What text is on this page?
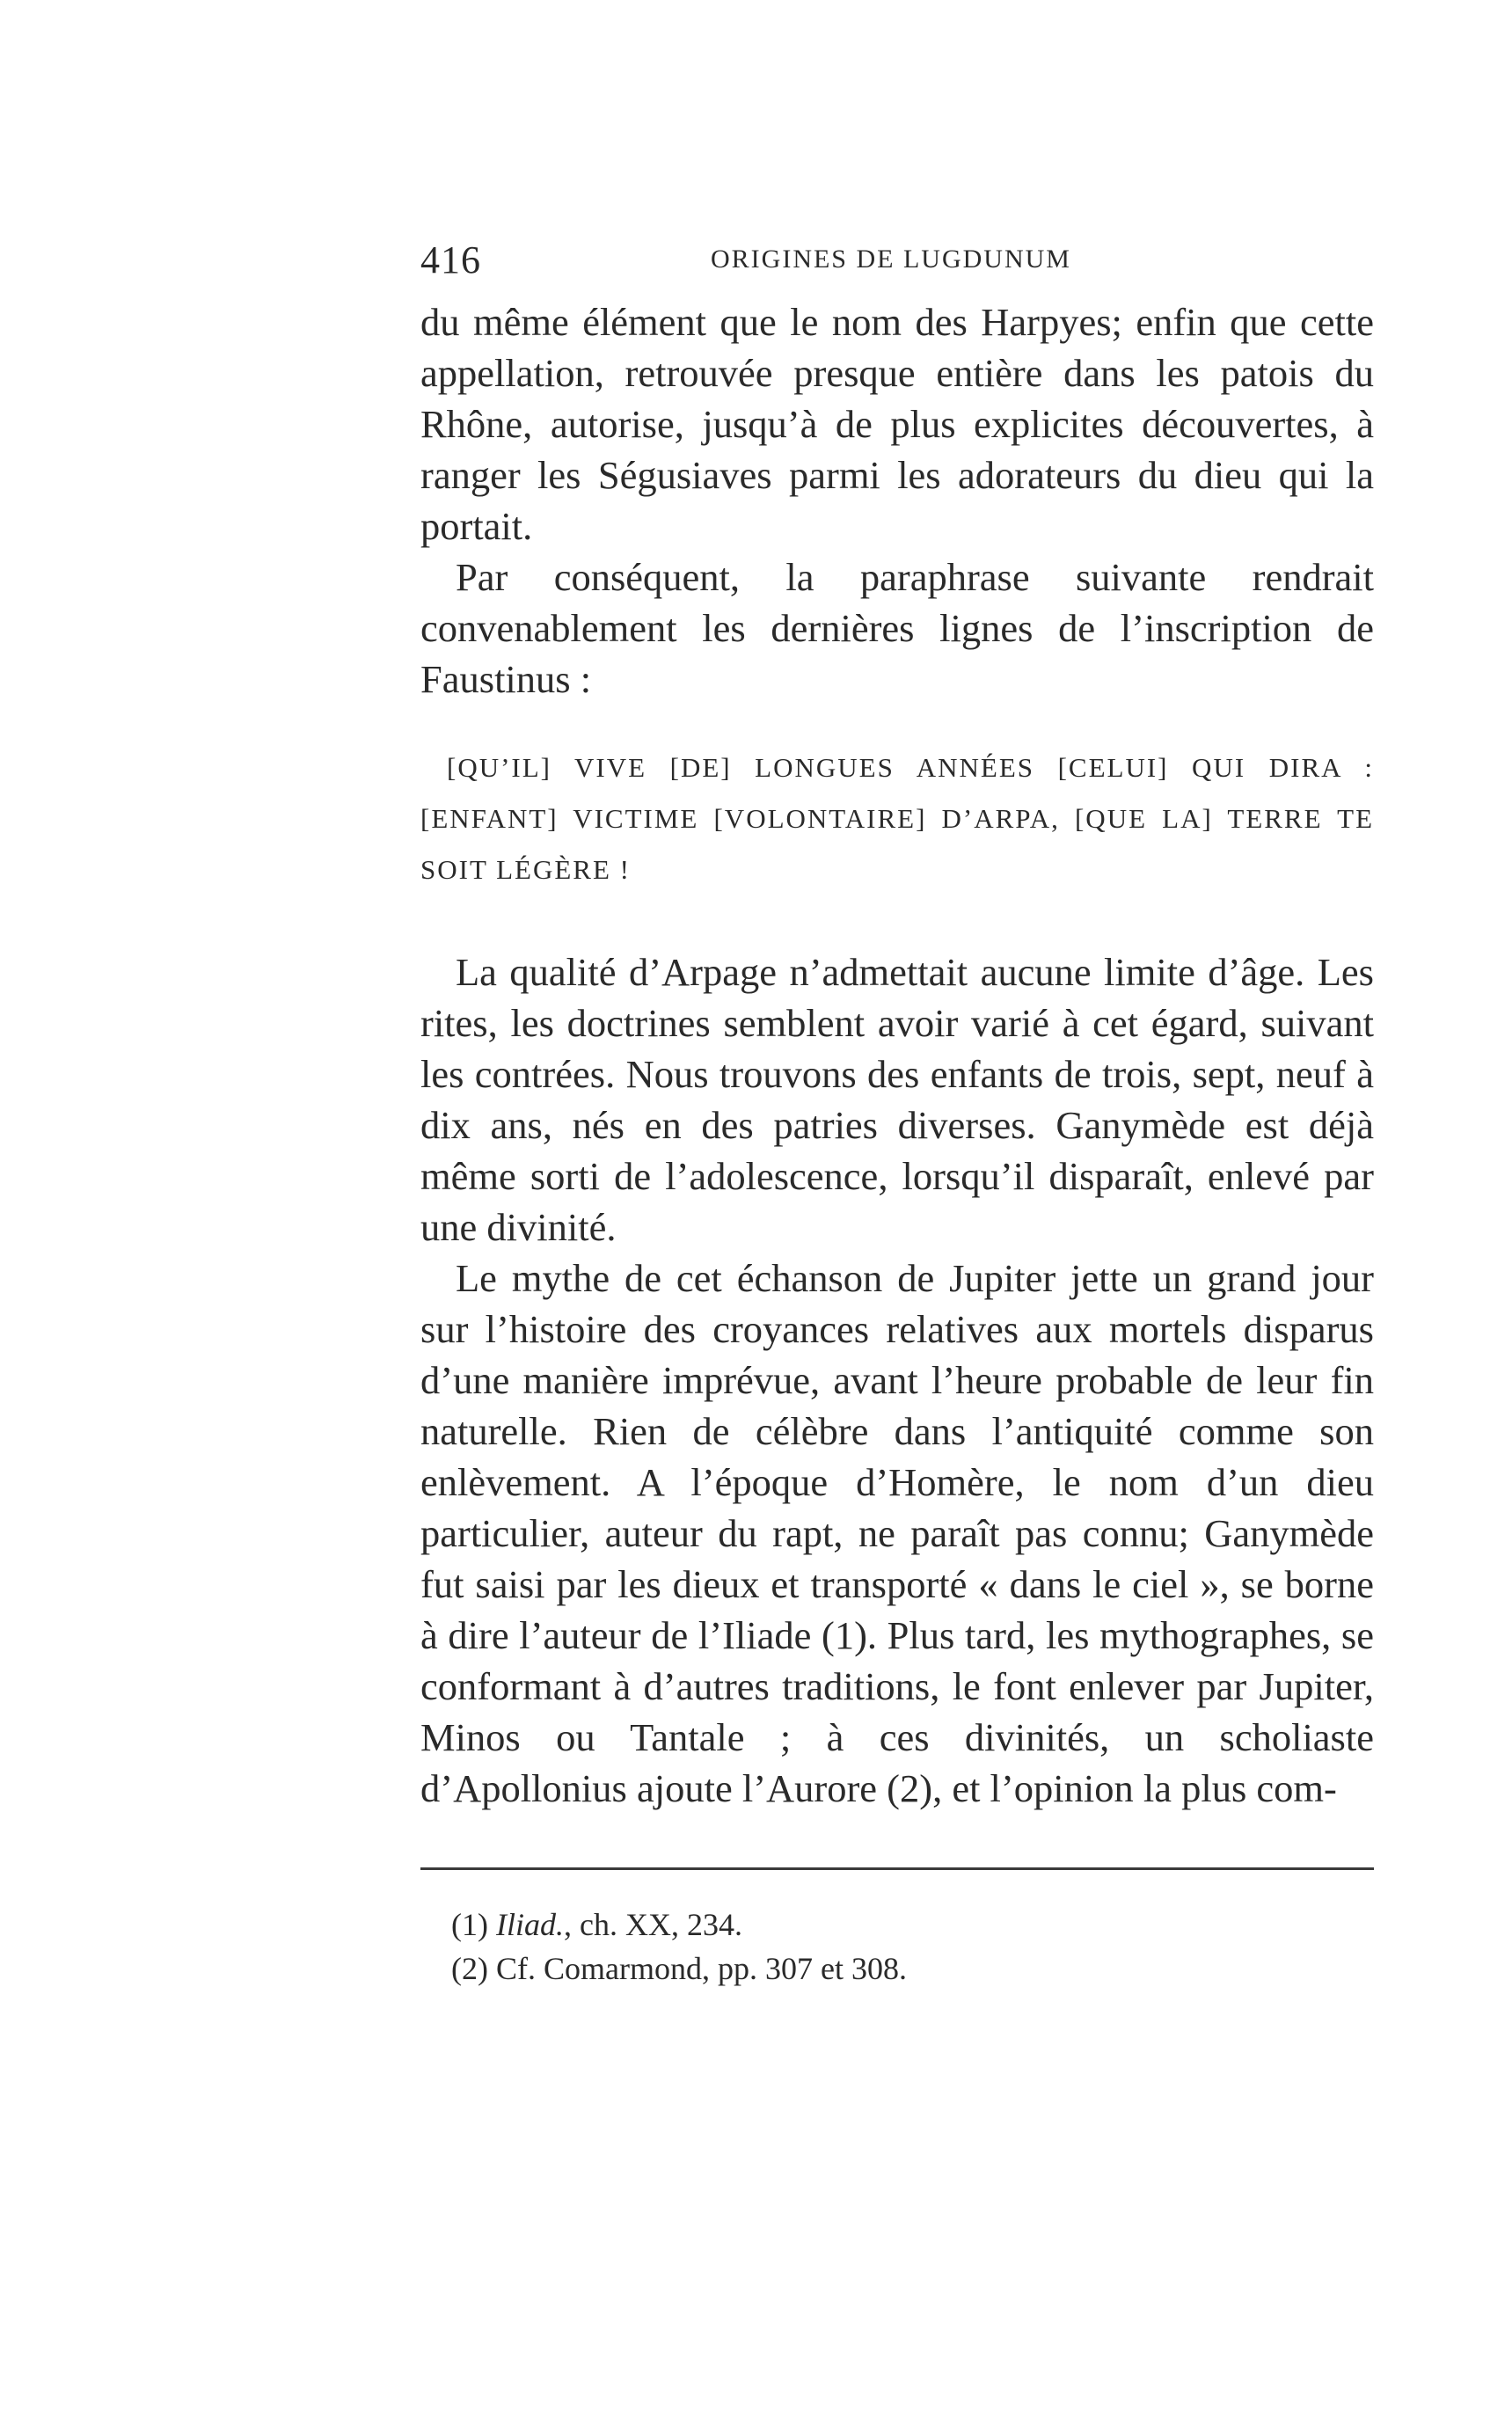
416	ORIGINES DE LUGDUNUM

du même élément que le nom des Harpyes; enfin que cette appellation, retrouvée presque entière dans les patois du Rhône, autorise, jusqu’à de plus explicites découvertes, à ranger les Ségusiaves parmi les adorateurs du dieu qui la portait.

Par conséquent, la paraphrase suivante rendrait convenablement les dernières lignes de l’inscription de Faustinus :

[QU’IL] VIVE [DE] LONGUES ANNÉES [CELUI] QUI DIRA : [ENFANT] VICTIME [VOLONTAIRE] D’ARPA, [QUE LA] TERRE TE SOIT LÉGÈRE !

La qualité d’Arpage n’admettait aucune limite d’âge. Les rites, les doctrines semblent avoir varié à cet égard, suivant les contrées. Nous trouvons des enfants de trois, sept, neuf à dix ans, nés en des patries diverses. Ganymède est déjà même sorti de l’adolescence, lorsqu’il disparaît, enlevé par une divinité.

Le mythe de cet échanson de Jupiter jette un grand jour sur l’histoire des croyances relatives aux mortels disparus d’une manière imprévue, avant l’heure probable de leur fin naturelle. Rien de célèbre dans l’antiquité comme son enlèvement. A l’époque d’Homère, le nom d’un dieu particulier, auteur du rapt, ne paraît pas connu; Ganymède fut saisi par les dieux et transporté « dans le ciel », se borne à dire l’auteur de l’Iliade (1). Plus tard, les mythographes, se conformant à d’autres traditions, le font enlever par Jupiter, Minos ou Tantale ; à ces divinités, un scholiaste d’Apollonius ajoute l’Aurore (2), et l’opinion la plus com-

(1) Iliad., ch. XX, 234.
(2) Cf. Comarmond, pp. 307 et 308.
